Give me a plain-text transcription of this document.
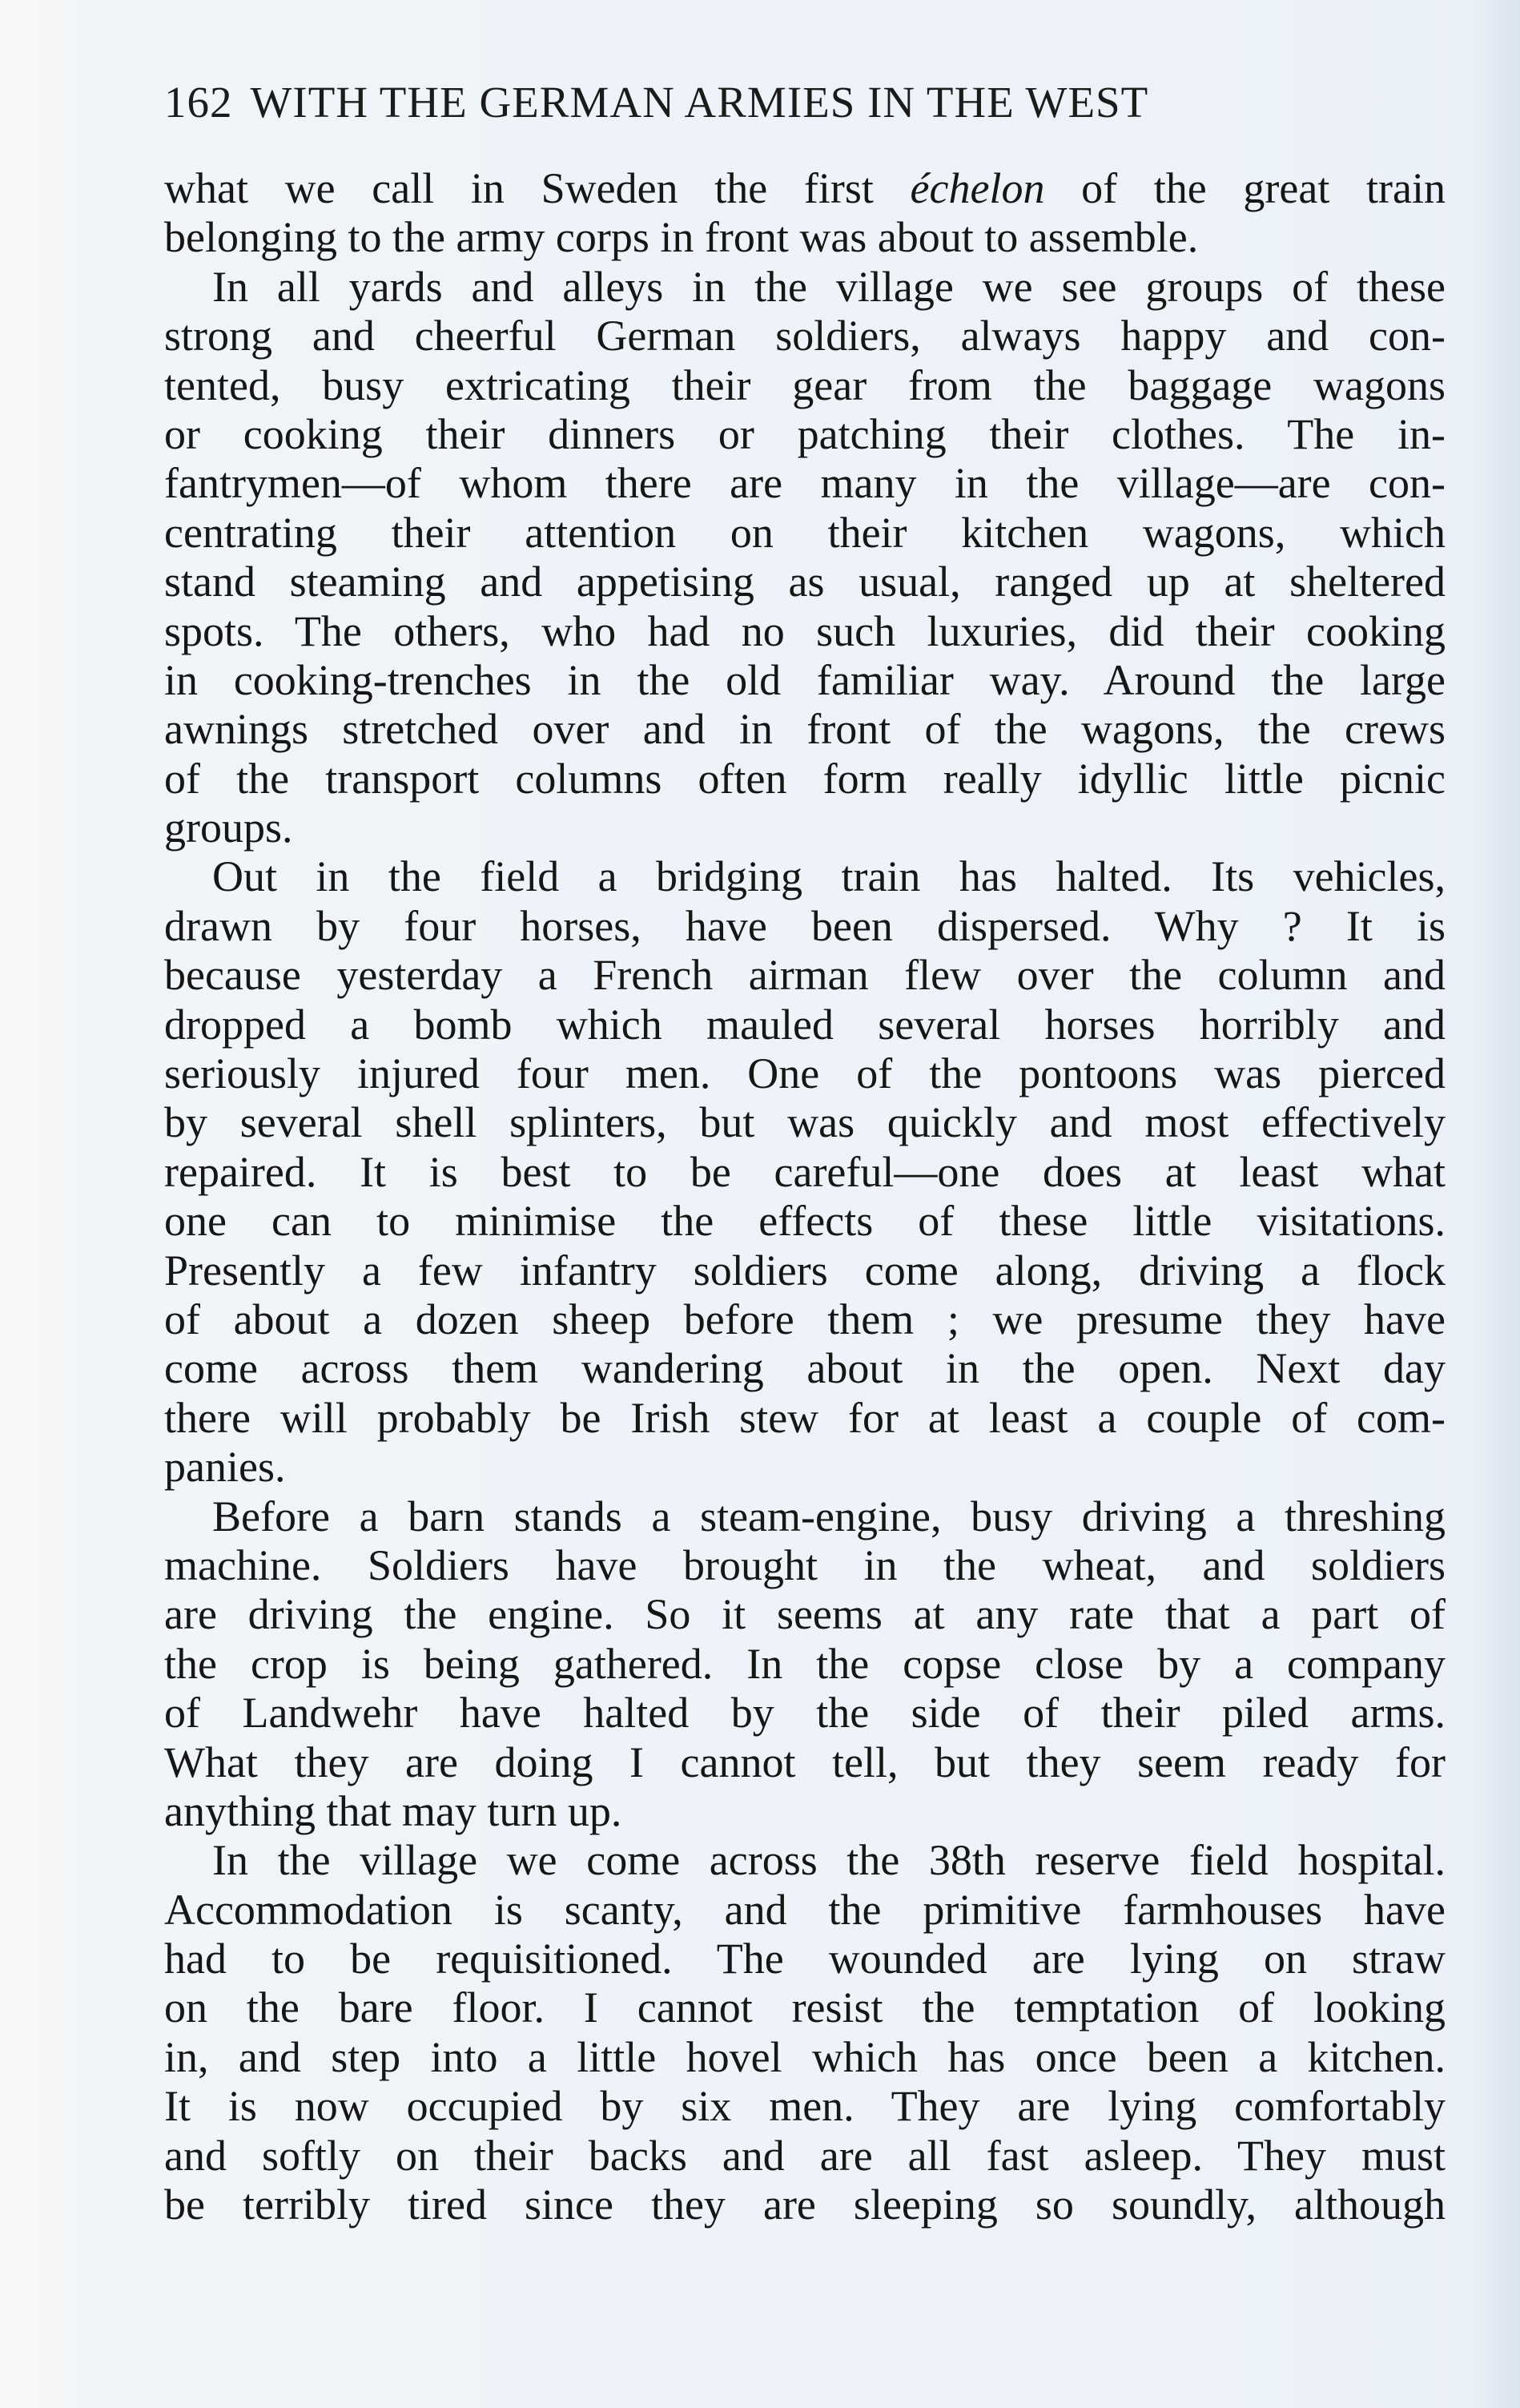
162 WITH THE GERMAN ARMIES IN THE WEST
what we call in Sweden the first échelon of the great train
belonging to the army corps in front was about to assemble.
In all yards and alleys in the village we see groups of these
strong and cheerful German soldiers, always happy and con-
tented, busy extricating their gear from the baggage wagons
or cooking their dinners or patching their clothes. The in-
fantrymen—of whom there are many in the village—are con-
centrating their attention on their kitchen wagons, which
stand steaming and appetising as usual, ranged up at sheltered
spots. The others, who had no such luxuries, did their cooking
in cooking-trenches in the old familiar way. Around the large
awnings stretched over and in front of the wagons, the crews
of the transport columns often form really idyllic little picnic
groups.
Out in the field a bridging train has halted. Its vehicles,
drawn by four horses, have been dispersed. Why ? It is
because yesterday a French airman flew over the column and
dropped a bomb which mauled several horses horribly and
seriously injured four men. One of the pontoons was pierced
by several shell splinters, but was quickly and most effectively
repaired. It is best to be careful—one does at least what
one can to minimise the effects of these little visitations.
Presently a few infantry soldiers come along, driving a flock
of about a dozen sheep before them ; we presume they have
come across them wandering about in the open. Next day
there will probably be Irish stew for at least a couple of com-
panies.
Before a barn stands a steam-engine, busy driving a threshing
machine. Soldiers have brought in the wheat, and soldiers
are driving the engine. So it seems at any rate that a part of
the crop is being gathered. In the copse close by a company
of Landwehr have halted by the side of their piled arms.
What they are doing I cannot tell, but they seem ready for
anything that may turn up.
In the village we come across the 38th reserve field hospital.
Accommodation is scanty, and the primitive farmhouses have
had to be requisitioned. The wounded are lying on straw
on the bare floor. I cannot resist the temptation of looking
in, and step into a little hovel which has once been a kitchen.
It is now occupied by six men. They are lying comfortably
and softly on their backs and are all fast asleep. They must
be terribly tired since they are sleeping so soundly, although
